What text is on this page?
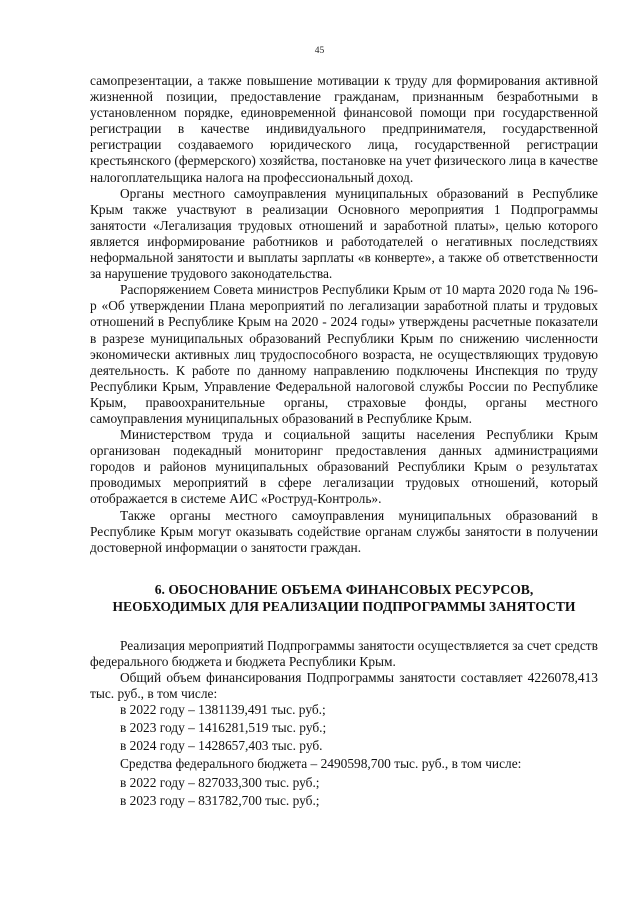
45

самопрезентации, а также повышение мотивации к труду для формирования активной жизненной позиции, предоставление гражданам, признанным безработными в установленном порядке, единовременной финансовой помощи при государственной регистрации в качестве индивидуального предпринимателя, государственной регистрации создаваемого юридического лица, государственной регистрации крестьянского (фермерского) хозяйства, постановке на учет физического лица в качестве налогоплательщика налога на профессиональный доход.

Органы местного самоуправления муниципальных образований в Республике Крым также участвуют в реализации Основного мероприятия 1 Подпрограммы занятости «Легализация трудовых отношений и заработной платы», целью которого является информирование работников и работодателей о негативных последствиях неформальной занятости и выплаты зарплаты «в конверте», а также об ответственности за нарушение трудового законодательства.

Распоряжением Совета министров Республики Крым от 10 марта 2020 года № 196-р «Об утверждении Плана мероприятий по легализации заработной платы и трудовых отношений в Республике Крым на 2020 - 2024 годы» утверждены расчетные показатели в разрезе муниципальных образований Республики Крым по снижению численности экономически активных лиц трудоспособного возраста, не осуществляющих трудовую деятельность. К работе по данному направлению подключены Инспекция по труду Республики Крым, Управление Федеральной налоговой службы России по Республике Крым, правоохранительные органы, страховые фонды, органы местного самоуправления муниципальных образований в Республике Крым.

Министерством труда и социальной защиты населения Республики Крым организован подекадный мониторинг предоставления данных администрациями городов и районов муниципальных образований Республики Крым о результатах проводимых мероприятий в сфере легализации трудовых отношений, который отображается в системе АИС «Роструд-Контроль».

Также органы местного самоуправления муниципальных образований в Республике Крым могут оказывать содействие органам службы занятости в получении достоверной информации о занятости граждан.

6. ОБОСНОВАНИЕ ОБЪЕМА ФИНАНСОВЫХ РЕСУРСОВ,
НЕОБХОДИМЫХ ДЛЯ РЕАЛИЗАЦИИ ПОДПРОГРАММЫ ЗАНЯТОСТИ

Реализация мероприятий Подпрограммы занятости осуществляется за счет средств федерального бюджета и бюджета Республики Крым.

Общий объем финансирования Подпрограммы занятости составляет 4226078,413 тыс. руб., в том числе:

в 2022 году – 1381139,491 тыс. руб.;

в 2023 году – 1416281,519 тыс. руб.;

в 2024 году – 1428657,403 тыс. руб.

Средства федерального бюджета – 2490598,700 тыс. руб., в том числе:

в 2022 году – 827033,300 тыс. руб.;

в 2023 году – 831782,700 тыс. руб.;
